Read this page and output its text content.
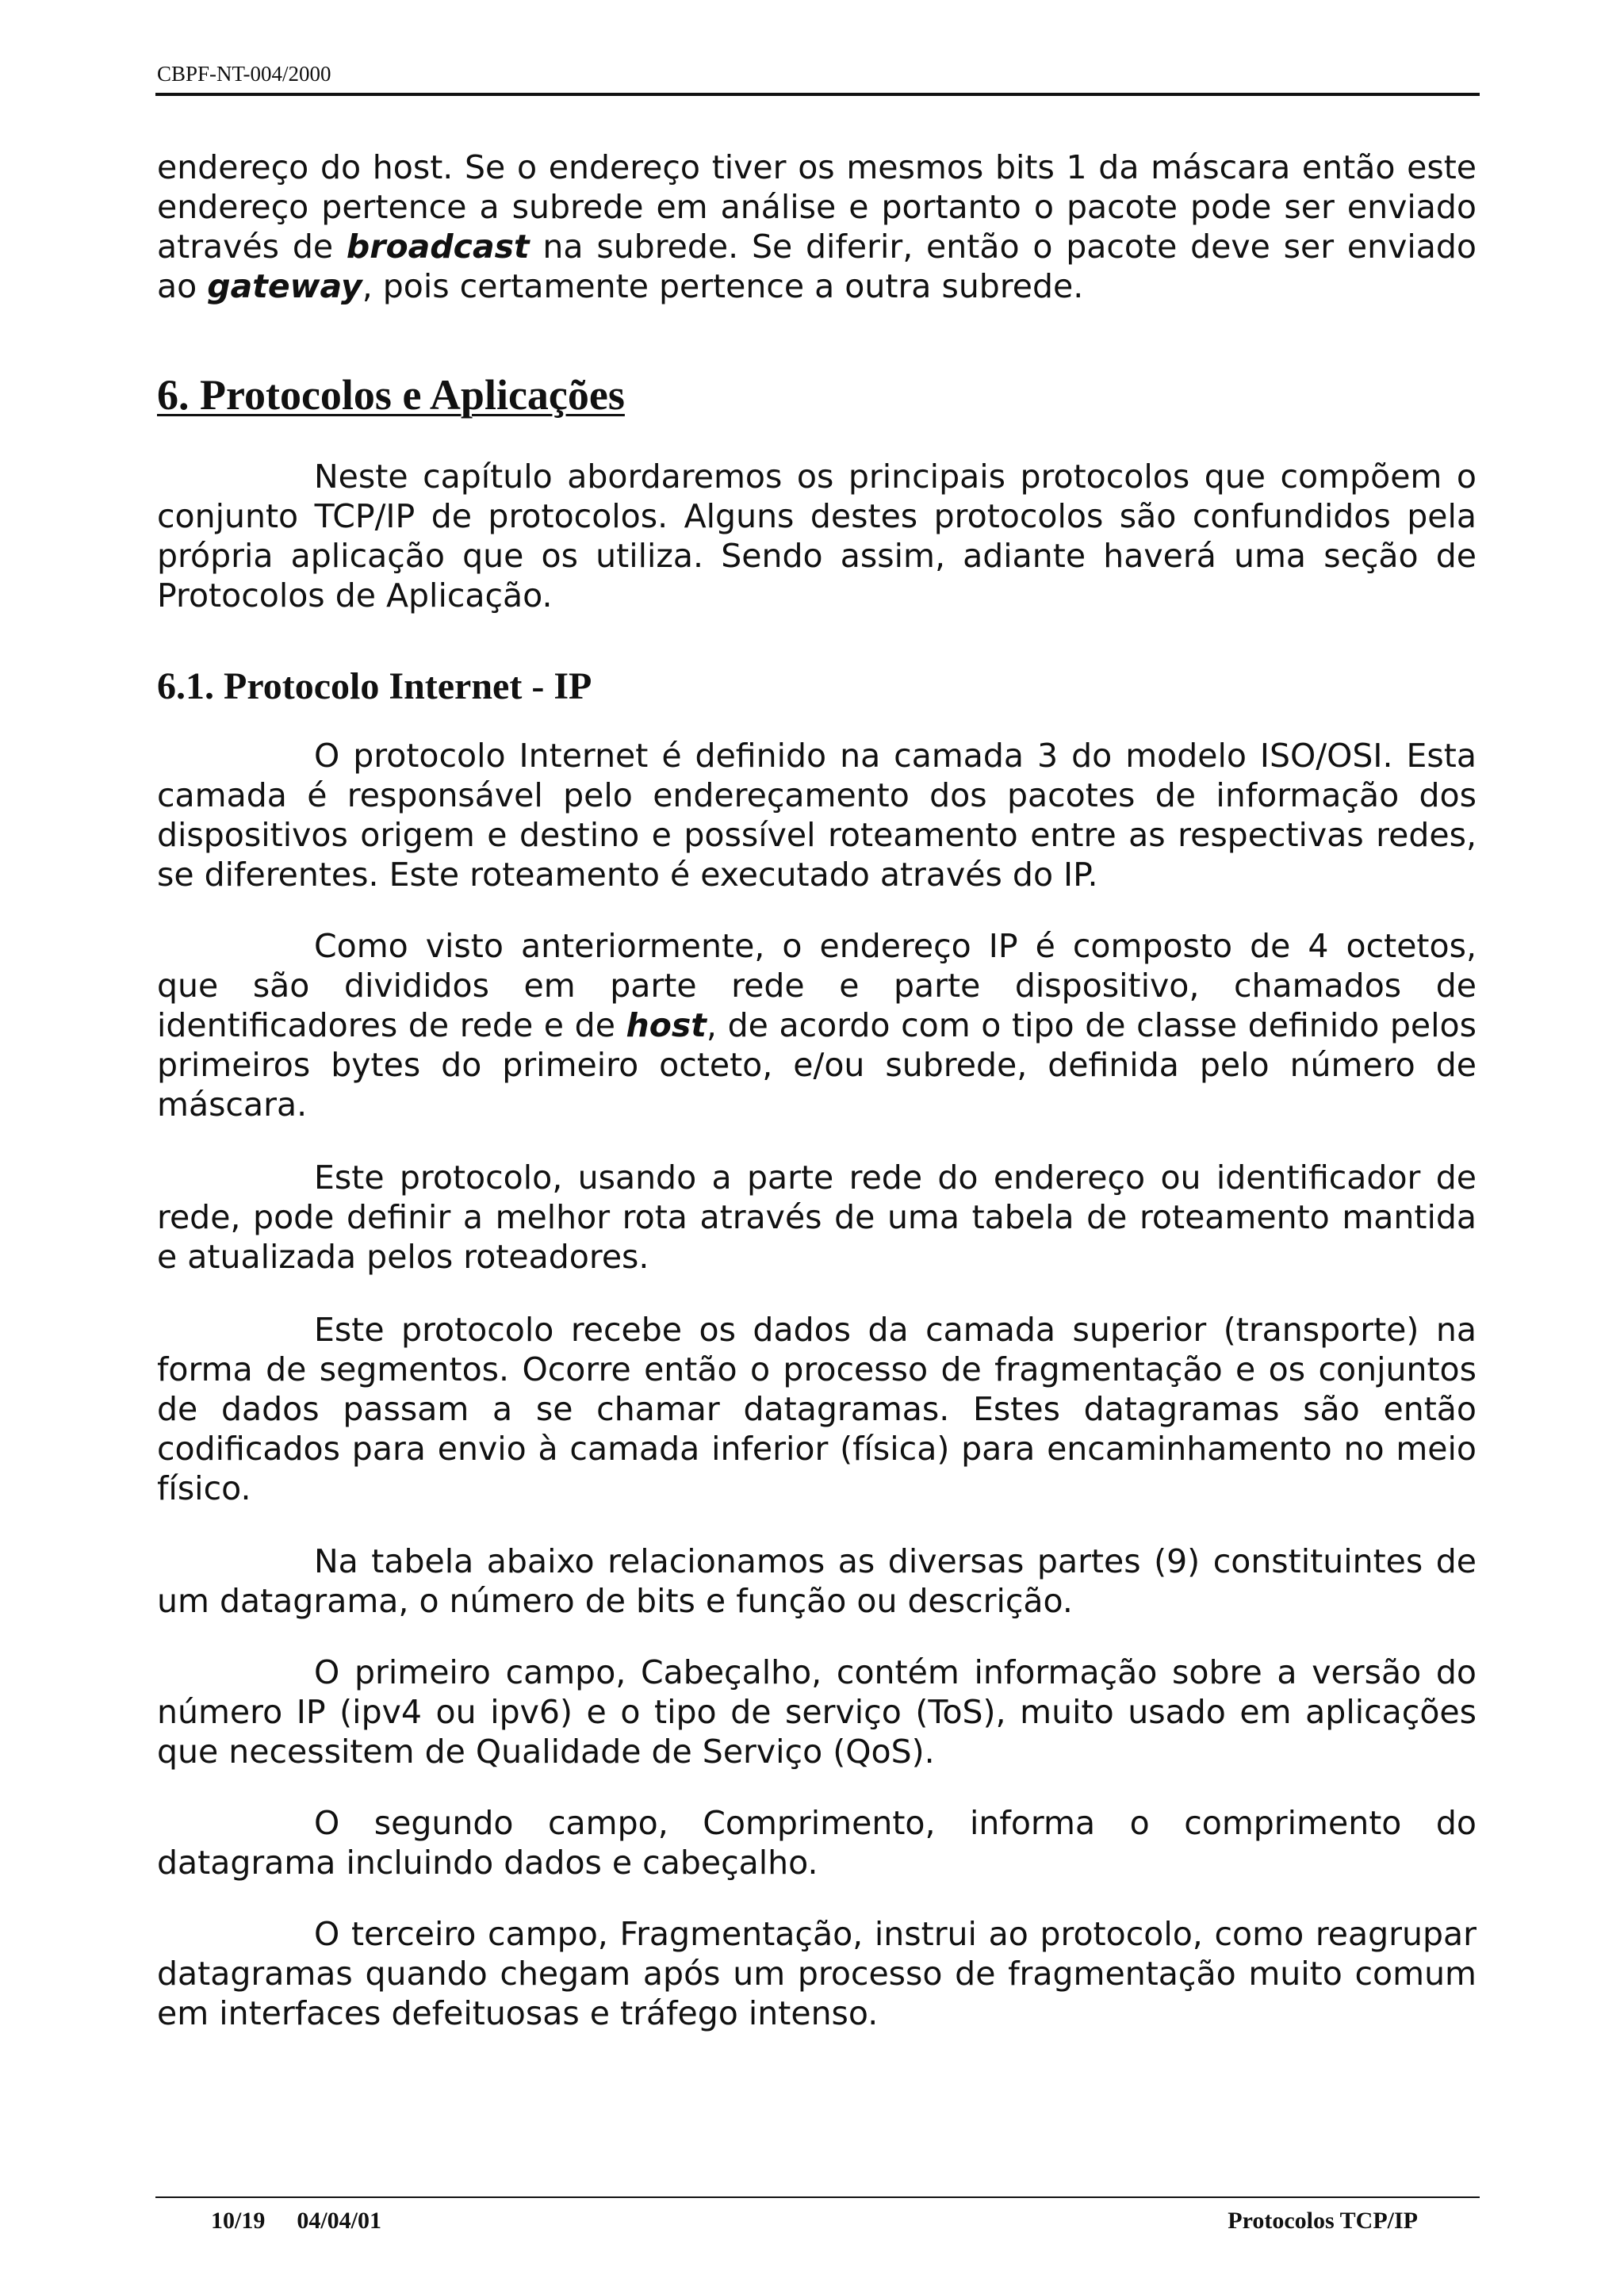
CBPF-NT-004/2000

endereço do host. Se o endereço tiver os mesmos bits 1 da máscara então este endereço pertence a subrede em análise e portanto o pacote pode ser enviado através de broadcast na subrede. Se diferir, então o pacote deve ser enviado ao gateway, pois certamente pertence a outra subrede.

6. Protocolos e Aplicações

Neste capítulo abordaremos os principais protocolos que compõem o conjunto TCP/IP de protocolos. Alguns destes protocolos são confundidos pela própria aplicação que os utiliza. Sendo assim, adiante haverá uma seção de Protocolos de Aplicação.

6.1. Protocolo Internet - IP

O protocolo Internet é definido na camada 3 do modelo ISO/OSI. Esta camada é responsável pelo endereçamento dos pacotes de informação dos dispositivos origem e destino e possível roteamento entre as respectivas redes, se diferentes. Este roteamento é executado através do IP.

Como visto anteriormente, o endereço IP é composto de 4 octetos, que são divididos em parte rede e parte dispositivo, chamados de identificadores de rede e de host, de acordo com o tipo de classe definido pelos primeiros bytes do primeiro octeto, e/ou subrede, definida pelo número de máscara.

Este protocolo, usando a parte rede do endereço ou identificador de rede, pode definir a melhor rota através de uma tabela de roteamento mantida e atualizada pelos roteadores.

Este protocolo recebe os dados da camada superior (transporte) na forma de segmentos. Ocorre então o processo de fragmentação e os conjuntos de dados passam a se chamar datagramas. Estes datagramas são então codificados para envio à camada inferior (física) para encaminhamento no meio físico.

Na tabela abaixo relacionamos as diversas partes (9) constituintes de um datagrama, o número de bits e função ou descrição.

O primeiro campo, Cabeçalho, contém informação sobre a versão do número IP (ipv4 ou ipv6) e o tipo de serviço (ToS), muito usado em aplicações que necessitem de Qualidade de Serviço (QoS).

O segundo campo, Comprimento, informa o comprimento do datagrama incluindo dados e cabeçalho.

O terceiro campo, Fragmentação, instrui ao protocolo, como reagrupar datagramas quando chegam após um processo de fragmentação muito comum em interfaces defeituosas e tráfego intenso.

10/19 04/04/01	Protocolos TCP/IP
